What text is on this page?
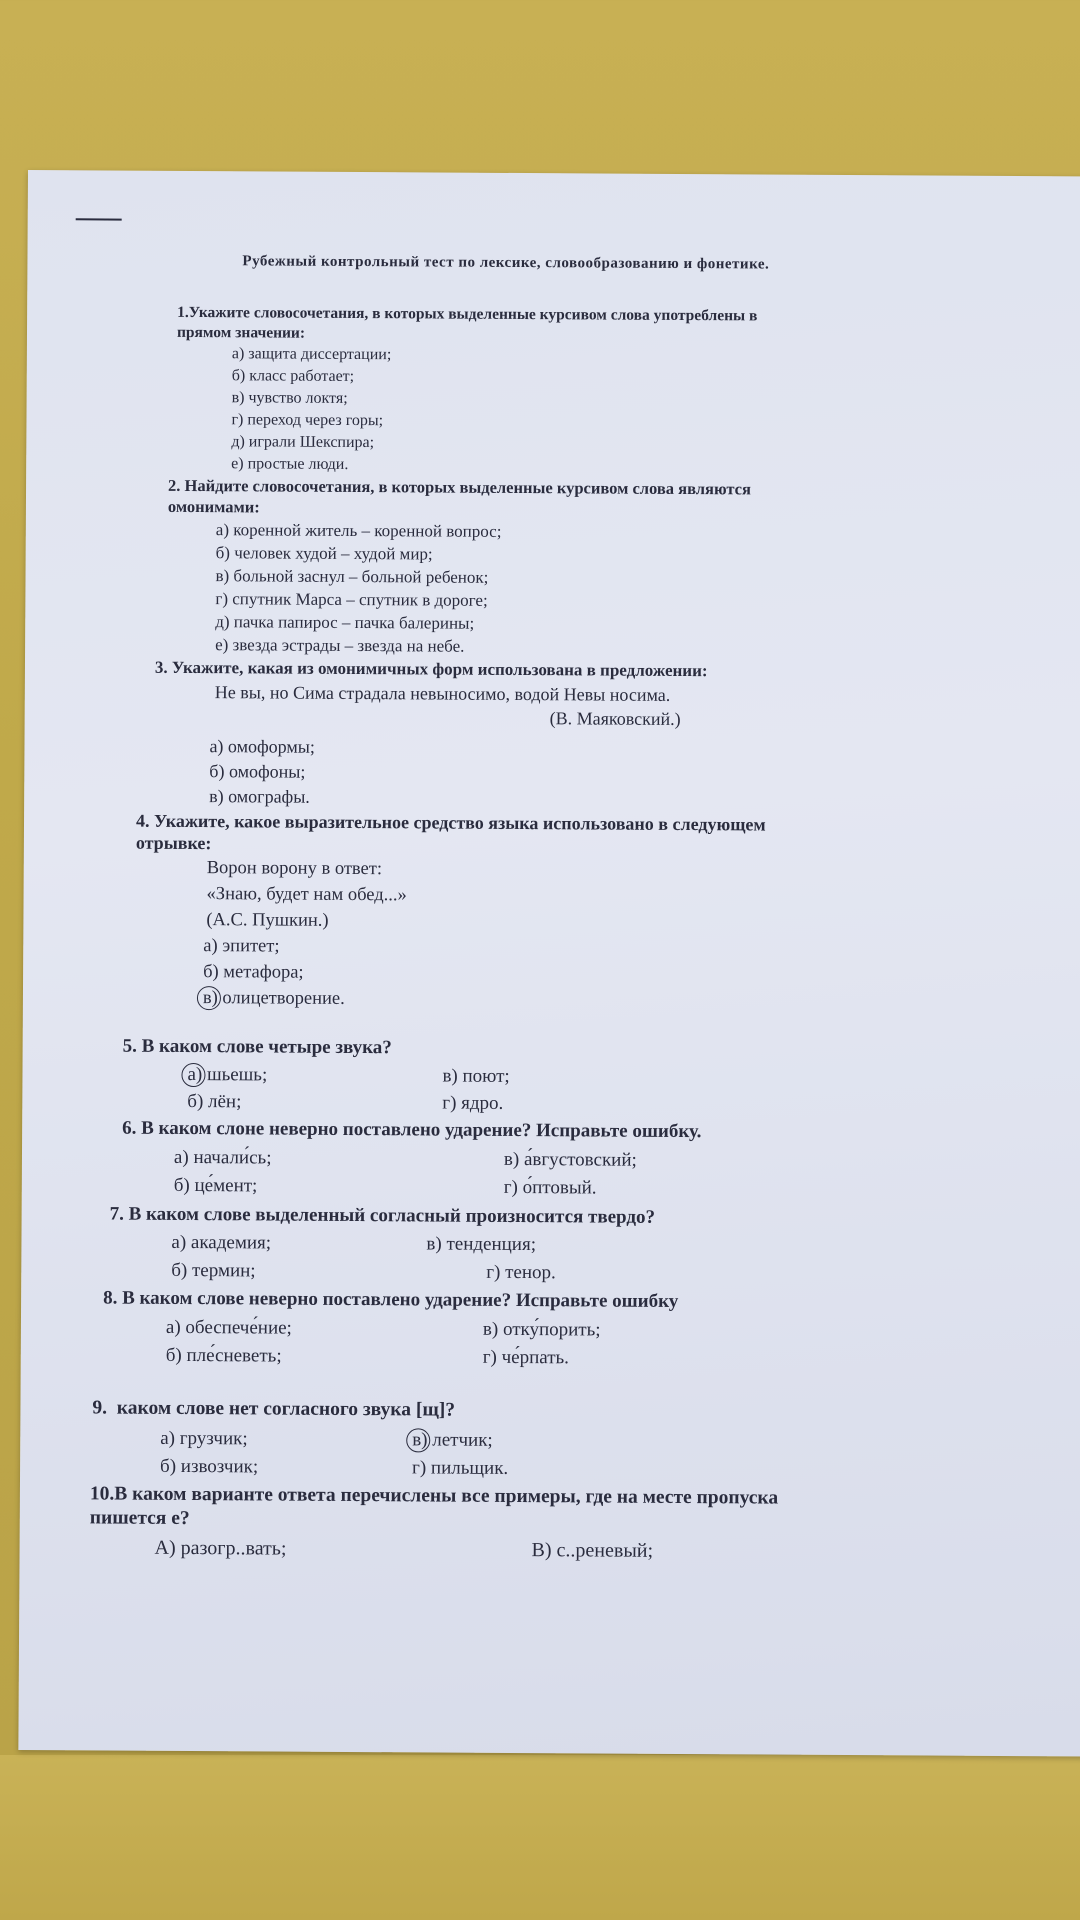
Рубежный контрольный тест по лексике, словообразованию и фонетике.
1.Укажите словосочетания, в которых выделенные курсивом слова употреблены в
прямом значении:
а) защита диссертации;
б) класс работает;
в) чувство локтя;
г) переход через горы;
д) играли Шекспира;
е) простые люди.
2. Найдите словосочетания, в которых выделенные курсивом слова являются
омонимами:
а) коренной житель – коренной вопрос;
б) человек худой – худой мир;
в) больной заснул – больной ребенок;
г) спутник Марса – спутник в дороге;
д) пачка папирос – пачка балерины;
е) звезда эстрады – звезда на небе.
3. Укажите, какая из омонимичных форм использована в предложении:
Не вы, но Сима страдала невыносимо, водой Невы носима.
(В. Маяковский.)
а) омоформы;
б) омофоны;
в) омографы.
4. Укажите, какое выразительное средство языка использовано в следующем
отрывке:
Ворон ворону в ответ:
«Знаю, будет нам обед...»
(А.С. Пушкин.)
а) эпитет;
б) метафора;
в) олицетворение.
5. В каком слове четыре звука?
а) шьешь;	в) поют;
б) лён;	г) ядро.
6. В каком слоне неверно поставлено ударение? Исправьте ошибку.
а) начали́сь;	в) а́вгустовский;
б) це́мент;	г) о́птовый.
7. В каком слове выделенный согласный произносится твердо?
а) академия;	в) тенденция;
б) термин;	г) тенор.
8. В каком слове неверно поставлено ударение? Исправьте ошибку
а) обеспече́ние;	в) отку́порить;
б) пле́сневеть;	г) че́рпать.
9.  каком слове нет согласного звука [щ]?
а) грузчик;	в) летчик;
б) извозчик;	г) пильщик.
10.В каком варианте ответа перечислены все примеры, где на месте пропуска
пишется е?
А) разогр..вать;	В) с..реневый;
